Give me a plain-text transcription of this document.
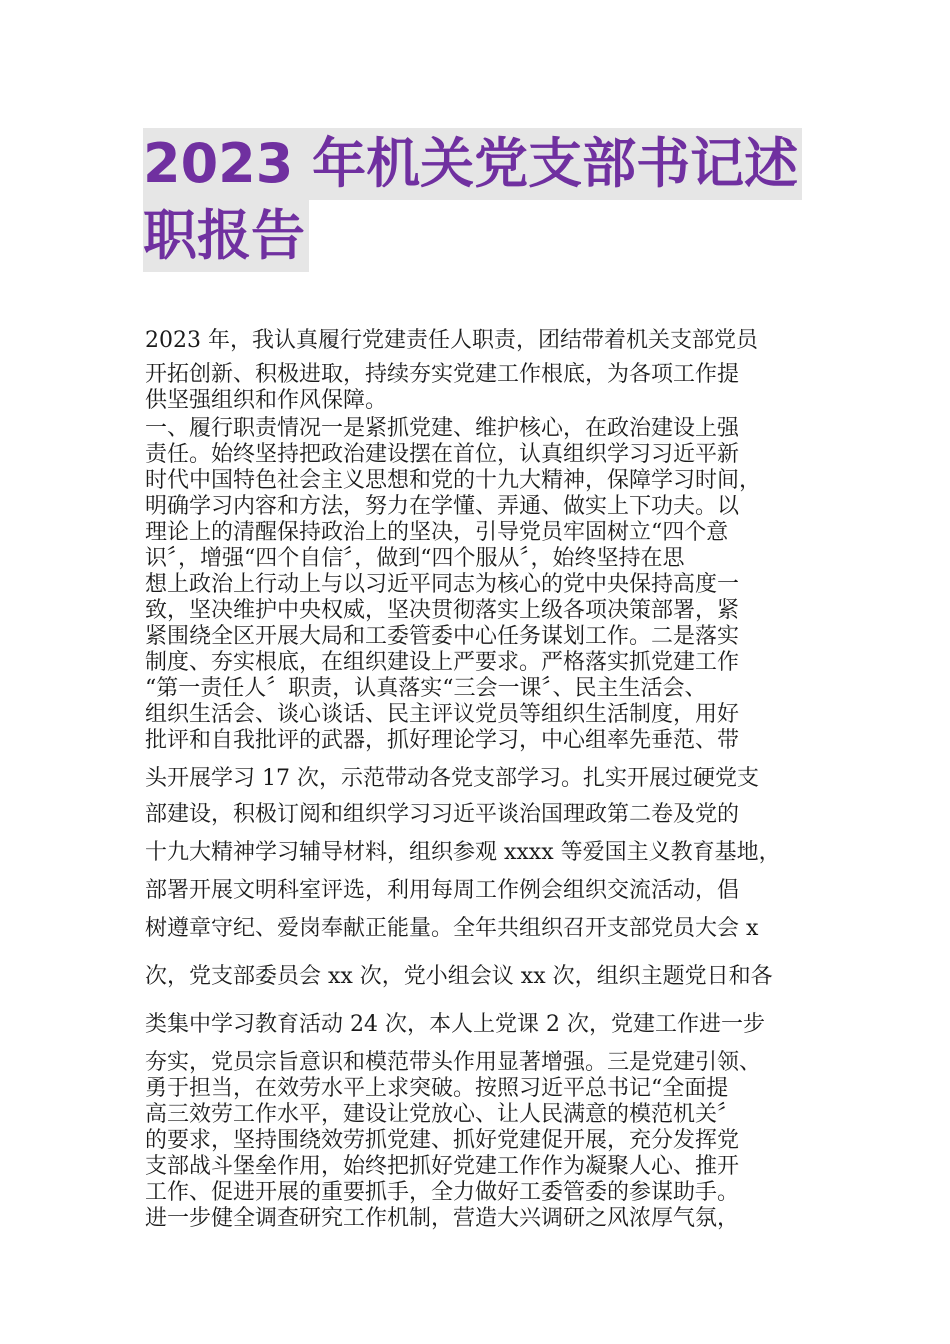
2023 年机关党支部书记述
职报告
2023 年，我认真履行党建责任人职责，团结带着机关支部党员
开拓创新、积极进取，持续夯实党建工作根底，为各项工作提
供坚强组织和作风保障。
一、履行职责情况一是紧抓党建、维护核心，在政治建设上强
责任。始终坚持把政治建设摆在首位，认真组织学习习近平新
时代中国特色社会主义思想和党的十九大精神，保障学习时间，
明确学习内容和方法，努力在学懂、弄通、做实上下功夫。以
理论上的清醒保持政治上的坚决，引导党员牢固树立“四个意
识〞，增强“四个自信〞，做到“四个服从〞，始终坚持在思
想上政治上行动上与以习近平同志为核心的党中央保持高度一
致，坚决维护中央权威，坚决贯彻落实上级各项决策部署，紧
紧围绕全区开展大局和工委管委中心任务谋划工作。二是落实
制度、夯实根底，在组织建设上严要求。严格落实抓党建工作
“第一责任人〞职责，认真落实“三会一课〞、民主生活会、
组织生活会、谈心谈话、民主评议党员等组织生活制度，用好
批评和自我批评的武器，抓好理论学习，中心组率先垂范、带
头开展学习 17 次，示范带动各党支部学习。扎实开展过硬党支
部建设，积极订阅和组织学习习近平谈治国理政第二卷及党的
十九大精神学习辅导材料，组织参观 xxxx 等爱国主义教育基地，
部署开展文明科室评选，利用每周工作例会组织交流活动，倡
树遵章守纪、爱岗奉献正能量。全年共组织召开支部党员大会 x
次，党支部委员会 xx 次，党小组会议 xx 次，组织主题党日和各
类集中学习教育活动 24 次，本人上党课 2 次，党建工作进一步
夯实，党员宗旨意识和模范带头作用显著增强。三是党建引领、
勇于担当，在效劳水平上求突破。按照习近平总书记“全面提
高三效劳工作水平，建设让党放心、让人民满意的模范机关〞
的要求，坚持围绕效劳抓党建、抓好党建促开展，充分发挥党
支部战斗堡垒作用，始终把抓好党建工作作为凝聚人心、推开
工作、促进开展的重要抓手，全力做好工委管委的参谋助手。
进一步健全调查研究工作机制，营造大兴调研之风浓厚气氛，
